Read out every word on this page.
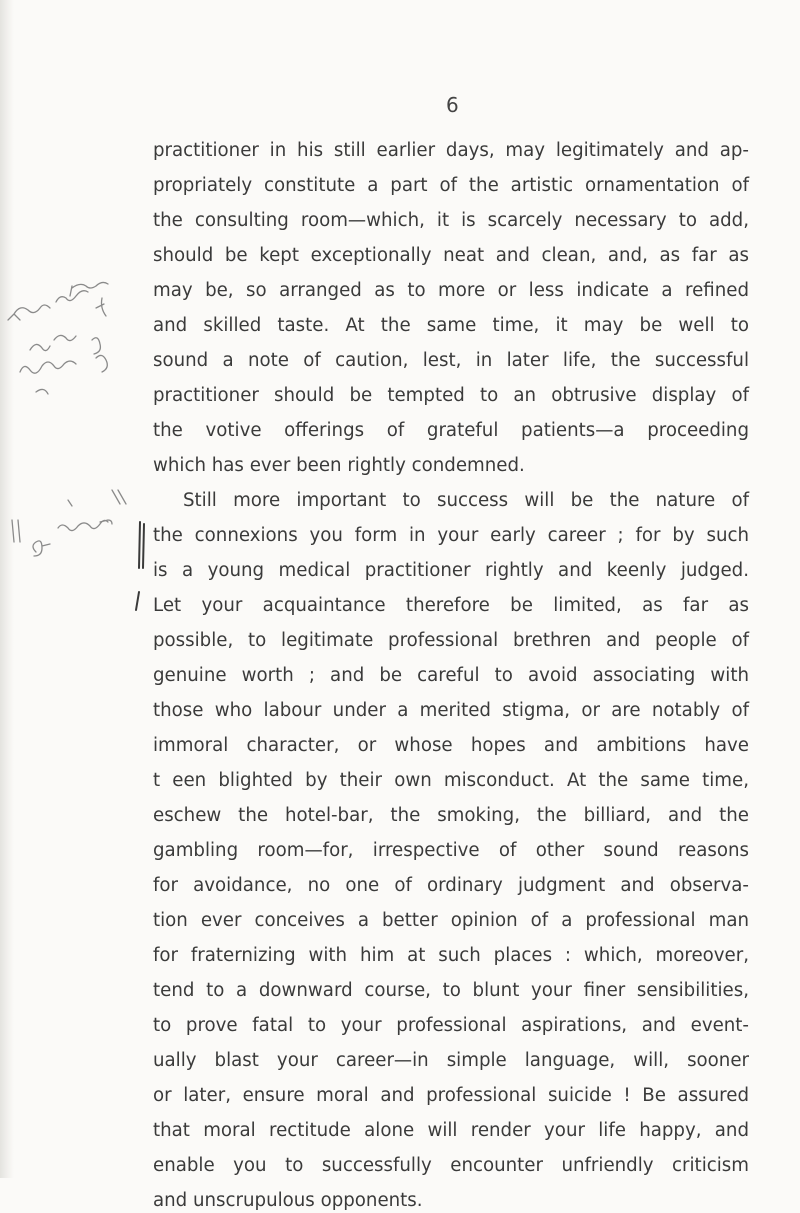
6
practitioner in his still earlier days, may legitimately and ap-
propriately constitute a part of the artistic ornamentation of
the consulting room—which, it is scarcely necessary to add,
should be kept exceptionally neat and clean, and, as far as
may be, so arranged as to more or less indicate a refined
and skilled taste. At the same time, it may be well to
sound a note of caution, lest, in later life, the successful
practitioner should be tempted to an obtrusive display of
the votive offerings of grateful patients—a proceeding
which has ever been rightly condemned.
Still more important to success will be the nature of
the connexions you form in your early career ; for by such
is a young medical practitioner rightly and keenly judged.
Let your acquaintance therefore be limited, as far as
possible, to legitimate professional brethren and people of
genuine worth ; and be careful to avoid associating with
those who labour under a merited stigma, or are notably of
immoral character, or whose hopes and ambitions have
t een blighted by their own misconduct. At the same time,
eschew the hotel-bar, the smoking, the billiard, and the
gambling room—for, irrespective of other sound reasons
for avoidance, no one of ordinary judgment and observa-
tion ever conceives a better opinion of a professional man
for fraternizing with him at such places : which, moreover,
tend to a downward course, to blunt your finer sensibilities,
to prove fatal to your professional aspirations, and event-
ually blast your career—in simple language, will, sooner
or later, ensure moral and professional suicide ! Be assured
that moral rectitude alone will render your life happy, and
enable you to successfully encounter unfriendly criticism
and unscrupulous opponents.
